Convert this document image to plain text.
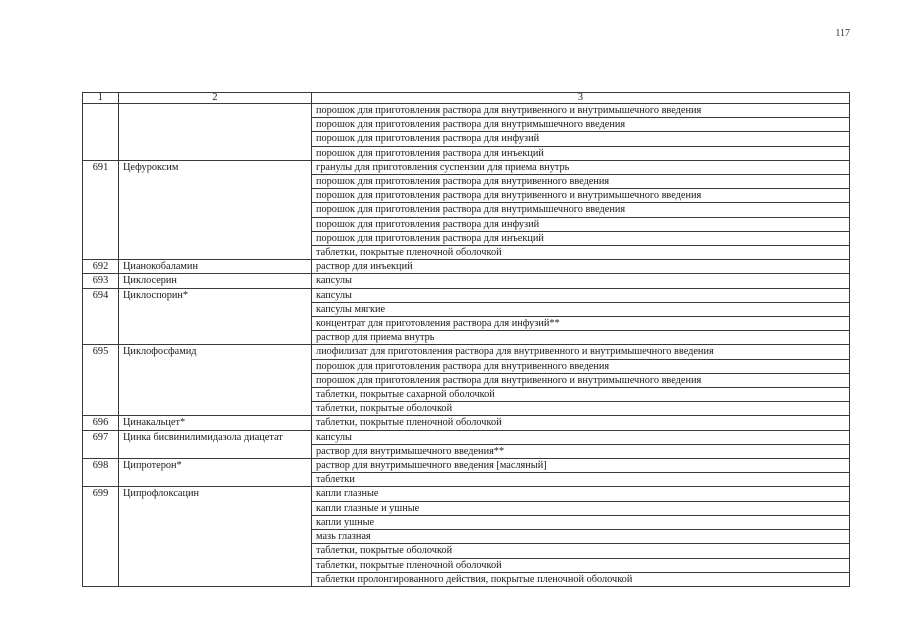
117
1	2	3
		порошок для приготовления раствора для внутривенного и внутримышечного введения
		порошок для приготовления раствора для внутримышечного введения
		порошок для приготовления раствора для инфузий
		порошок для приготовления раствора для инъекций
691	Цефуроксим	гранулы для приготовления суспензии для приема внутрь
		порошок для приготовления раствора для внутривенного введения
		порошок для приготовления раствора для внутривенного и внутримышечного введения
		порошок для приготовления раствора для внутримышечного введения
		порошок для приготовления раствора для инфузий
		порошок для приготовления раствора для инъекций
		таблетки, покрытые пленочной оболочкой
692	Цианокобаламин	раствор для инъекций
693	Циклосерин	капсулы
694	Циклоспорин*	капсулы
		капсулы мягкие
		концентрат для приготовления раствора для инфузий**
		раствор для приема внутрь
695	Циклофосфамид	лиофилизат для приготовления раствора для внутривенного и внутримышечного введения
		порошок для приготовления раствора для внутривенного введения
		порошок для приготовления раствора для внутривенного и внутримышечного введения
		таблетки, покрытые сахарной оболочкой
		таблетки, покрытые оболочкой
696	Цинакальцет*	таблетки, покрытые пленочной оболочкой
697	Цинка бисвинилимидазола диацетат	капсулы
		раствор для внутримышечного введения**
698	Ципротерон*	раствор для внутримышечного введения [масляный]
		таблетки
699	Ципрофлоксацин	капли глазные
		капли глазные и ушные
		капли ушные
		мазь глазная
		таблетки, покрытые оболочкой
		таблетки, покрытые пленочной оболочкой
		таблетки пролонгированного действия, покрытые пленочной оболочкой
